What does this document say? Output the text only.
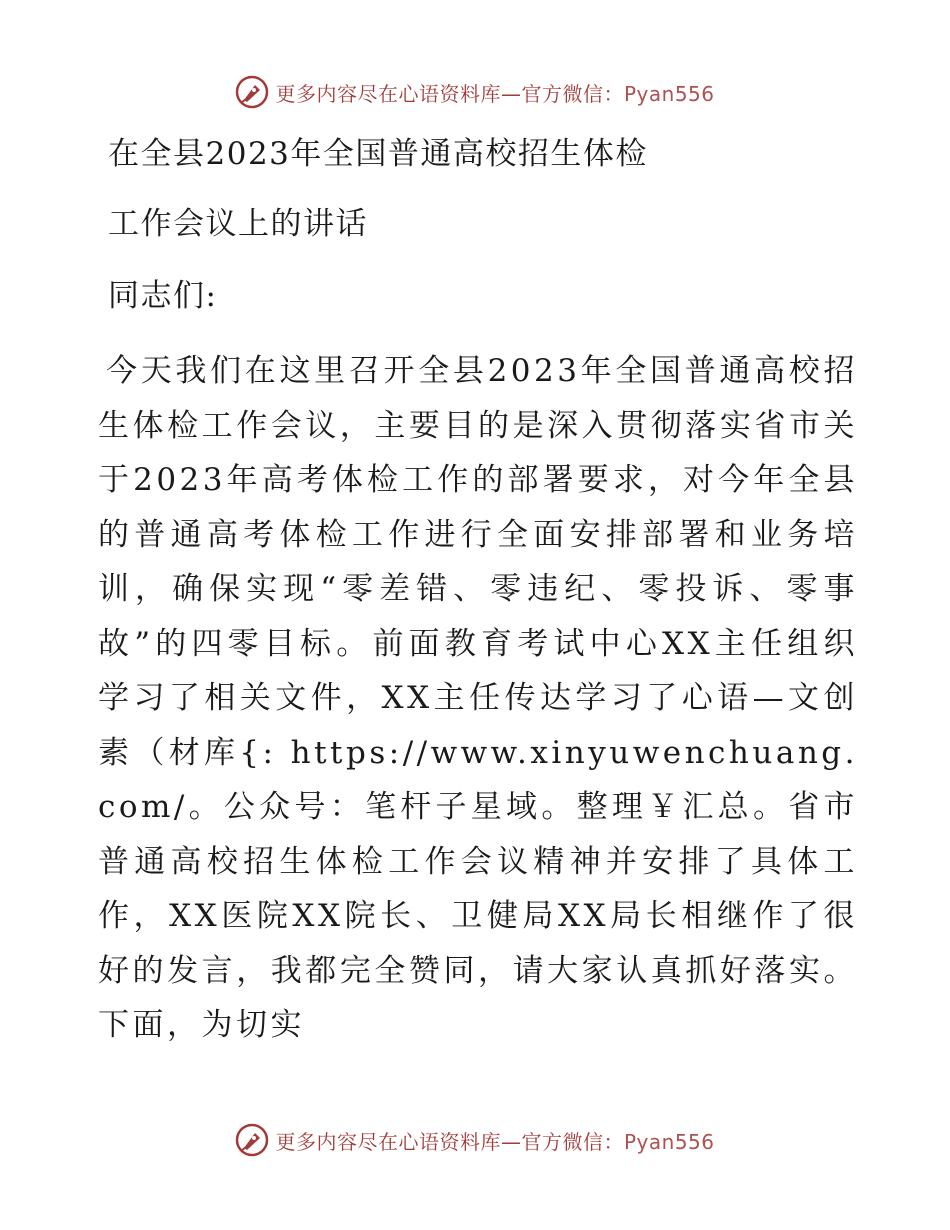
更多内容尽在心语资料库—官方微信：Pyan556
在全县2023年全国普通高校招生体检
工作会议上的讲话

同志们:

今天我们在这里召开全县2023年全国普通高校招生体检工作会议，主要目的是深入贯彻落实省市关于2023年高考体检工作的部署要求，对今年全县的普通高考体检工作进行全面安排部署和业务培训，确保实现“零差错、零违纪、零投诉、零事故”的四零目标。前面教育考试中心XX主任组织学习了相关文件，XX主任传达学习了心语—文创素（材库{: https://www.xinyuwenchuang.com/。公众号：笔杆子星域。整理￥汇总。省市普通高校招生体检工作会议精神并安排了具体工作，XX医院XX院长、卫健局XX局长相继作了很好的发言，我都完全赞同，请大家认真抓好落实。下面，为切实

更多内容尽在心语资料库—官方微信：Pyan556
